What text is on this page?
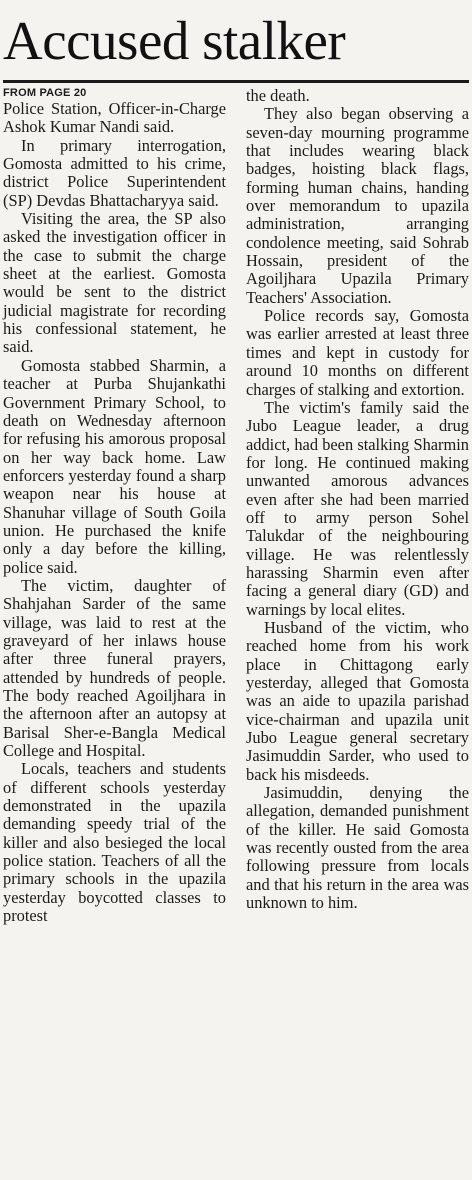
Accused stalker
FROM PAGE 20

Police Station, Officer-in-Charge Ashok Kumar Nandi said.

In primary interrogation, Gomosta admitted to his crime, district Police Superintendent (SP) Devdas Bhattacharyya said.

Visiting the area, the SP also asked the investigation officer in the case to submit the charge sheet at the earliest. Gomosta would be sent to the district judicial magistrate for recording his confessional statement, he said.

Gomosta stabbed Sharmin, a teacher at Purba Shujankathi Government Primary School, to death on Wednesday afternoon for refusing his amorous proposal on her way back home. Law enforcers yesterday found a sharp weapon near his house at Shanuhar village of South Goila union. He purchased the knife only a day before the killing, police said.

The victim, daughter of Shahjahan Sarder of the same village, was laid to rest at the graveyard of her inlaws house after three funeral prayers, attended by hundreds of people. The body reached Agoiljhara in the afternoon after an autopsy at Barisal Sher-e-Bangla Medical College and Hospital.

Locals, teachers and students of different schools yesterday demonstrated in the upazila demanding speedy trial of the killer and also besieged the local police station. Teachers of all the primary schools in the upazila yesterday boycotted classes to protest

the death.

They also began observing a seven-day mourning programme that includes wearing black badges, hoisting black flags, forming human chains, handing over memorandum to upazila administration, arranging condolence meeting, said Sohrab Hossain, president of the Agoiljhara Upazila Primary Teachers' Association.

Police records say, Gomosta was earlier arrested at least three times and kept in custody for around 10 months on different charges of stalking and extortion.

The victim's family said the Jubo League leader, a drug addict, had been stalking Sharmin for long. He continued making unwanted amorous advances even after she had been married off to army person Sohel Talukdar of the neighbouring village. He was relentlessly harassing Sharmin even after facing a general diary (GD) and warnings by local elites.

Husband of the victim, who reached home from his work place in Chittagong early yesterday, alleged that Gomosta was an aide to upazila parishad vice-chairman and upazila unit Jubo League general secretary Jasimuddin Sarder, who used to back his misdeeds.

Jasimuddin, denying the allegation, demanded punishment of the killer. He said Gomosta was recently ousted from the area following pressure from locals and that his return in the area was unknown to him.
